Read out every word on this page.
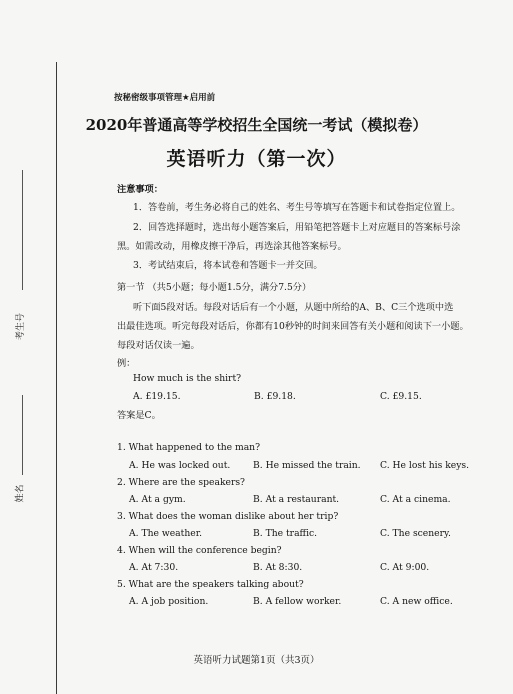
考生号
姓名
按秘密级事项管理★启用前
2020年普通高等学校招生全国统一考试（模拟卷）
英语听力（第一次）
注意事项：
1．答卷前，考生务必将自己的姓名、考生号等填写在答题卡和试卷指定位置上。
2．回答选择题时，选出每小题答案后，用铅笔把答题卡上对应题目的答案标号涂
黑。如需改动，用橡皮擦干净后，再选涂其他答案标号。
3．考试结束后，将本试卷和答题卡一并交回。
第一节 （共5小题；每小题1.5分，满分7.5分）
听下面5段对话。每段对话后有一个小题，从题中所给的A、B、C三个选项中选
出最佳选项。听完每段对话后，你都有10秒钟的时间来回答有关小题和阅读下一小题。
每段对话仅读一遍。
例：
How much is the shirt?
A. £19.15.	B. £9.18.	C. £9.15.
答案是C。
1. What happened to the man?
A. He was locked out. B. He missed the train. C. He lost his keys.
2. Where are the speakers?
A. At a gym.	B. At a restaurant.	C. At a cinema.
3. What does the woman dislike about her trip?
A. The weather.	B. The traffic.	C. The scenery.
4. When will the conference begin?
A. At 7:30.	B. At 8:30.	C. At 9:00.
5. What are the speakers talking about?
A. A job position.	B. A fellow worker.	C. A new office.
英语听力试题第1页（共3页）
